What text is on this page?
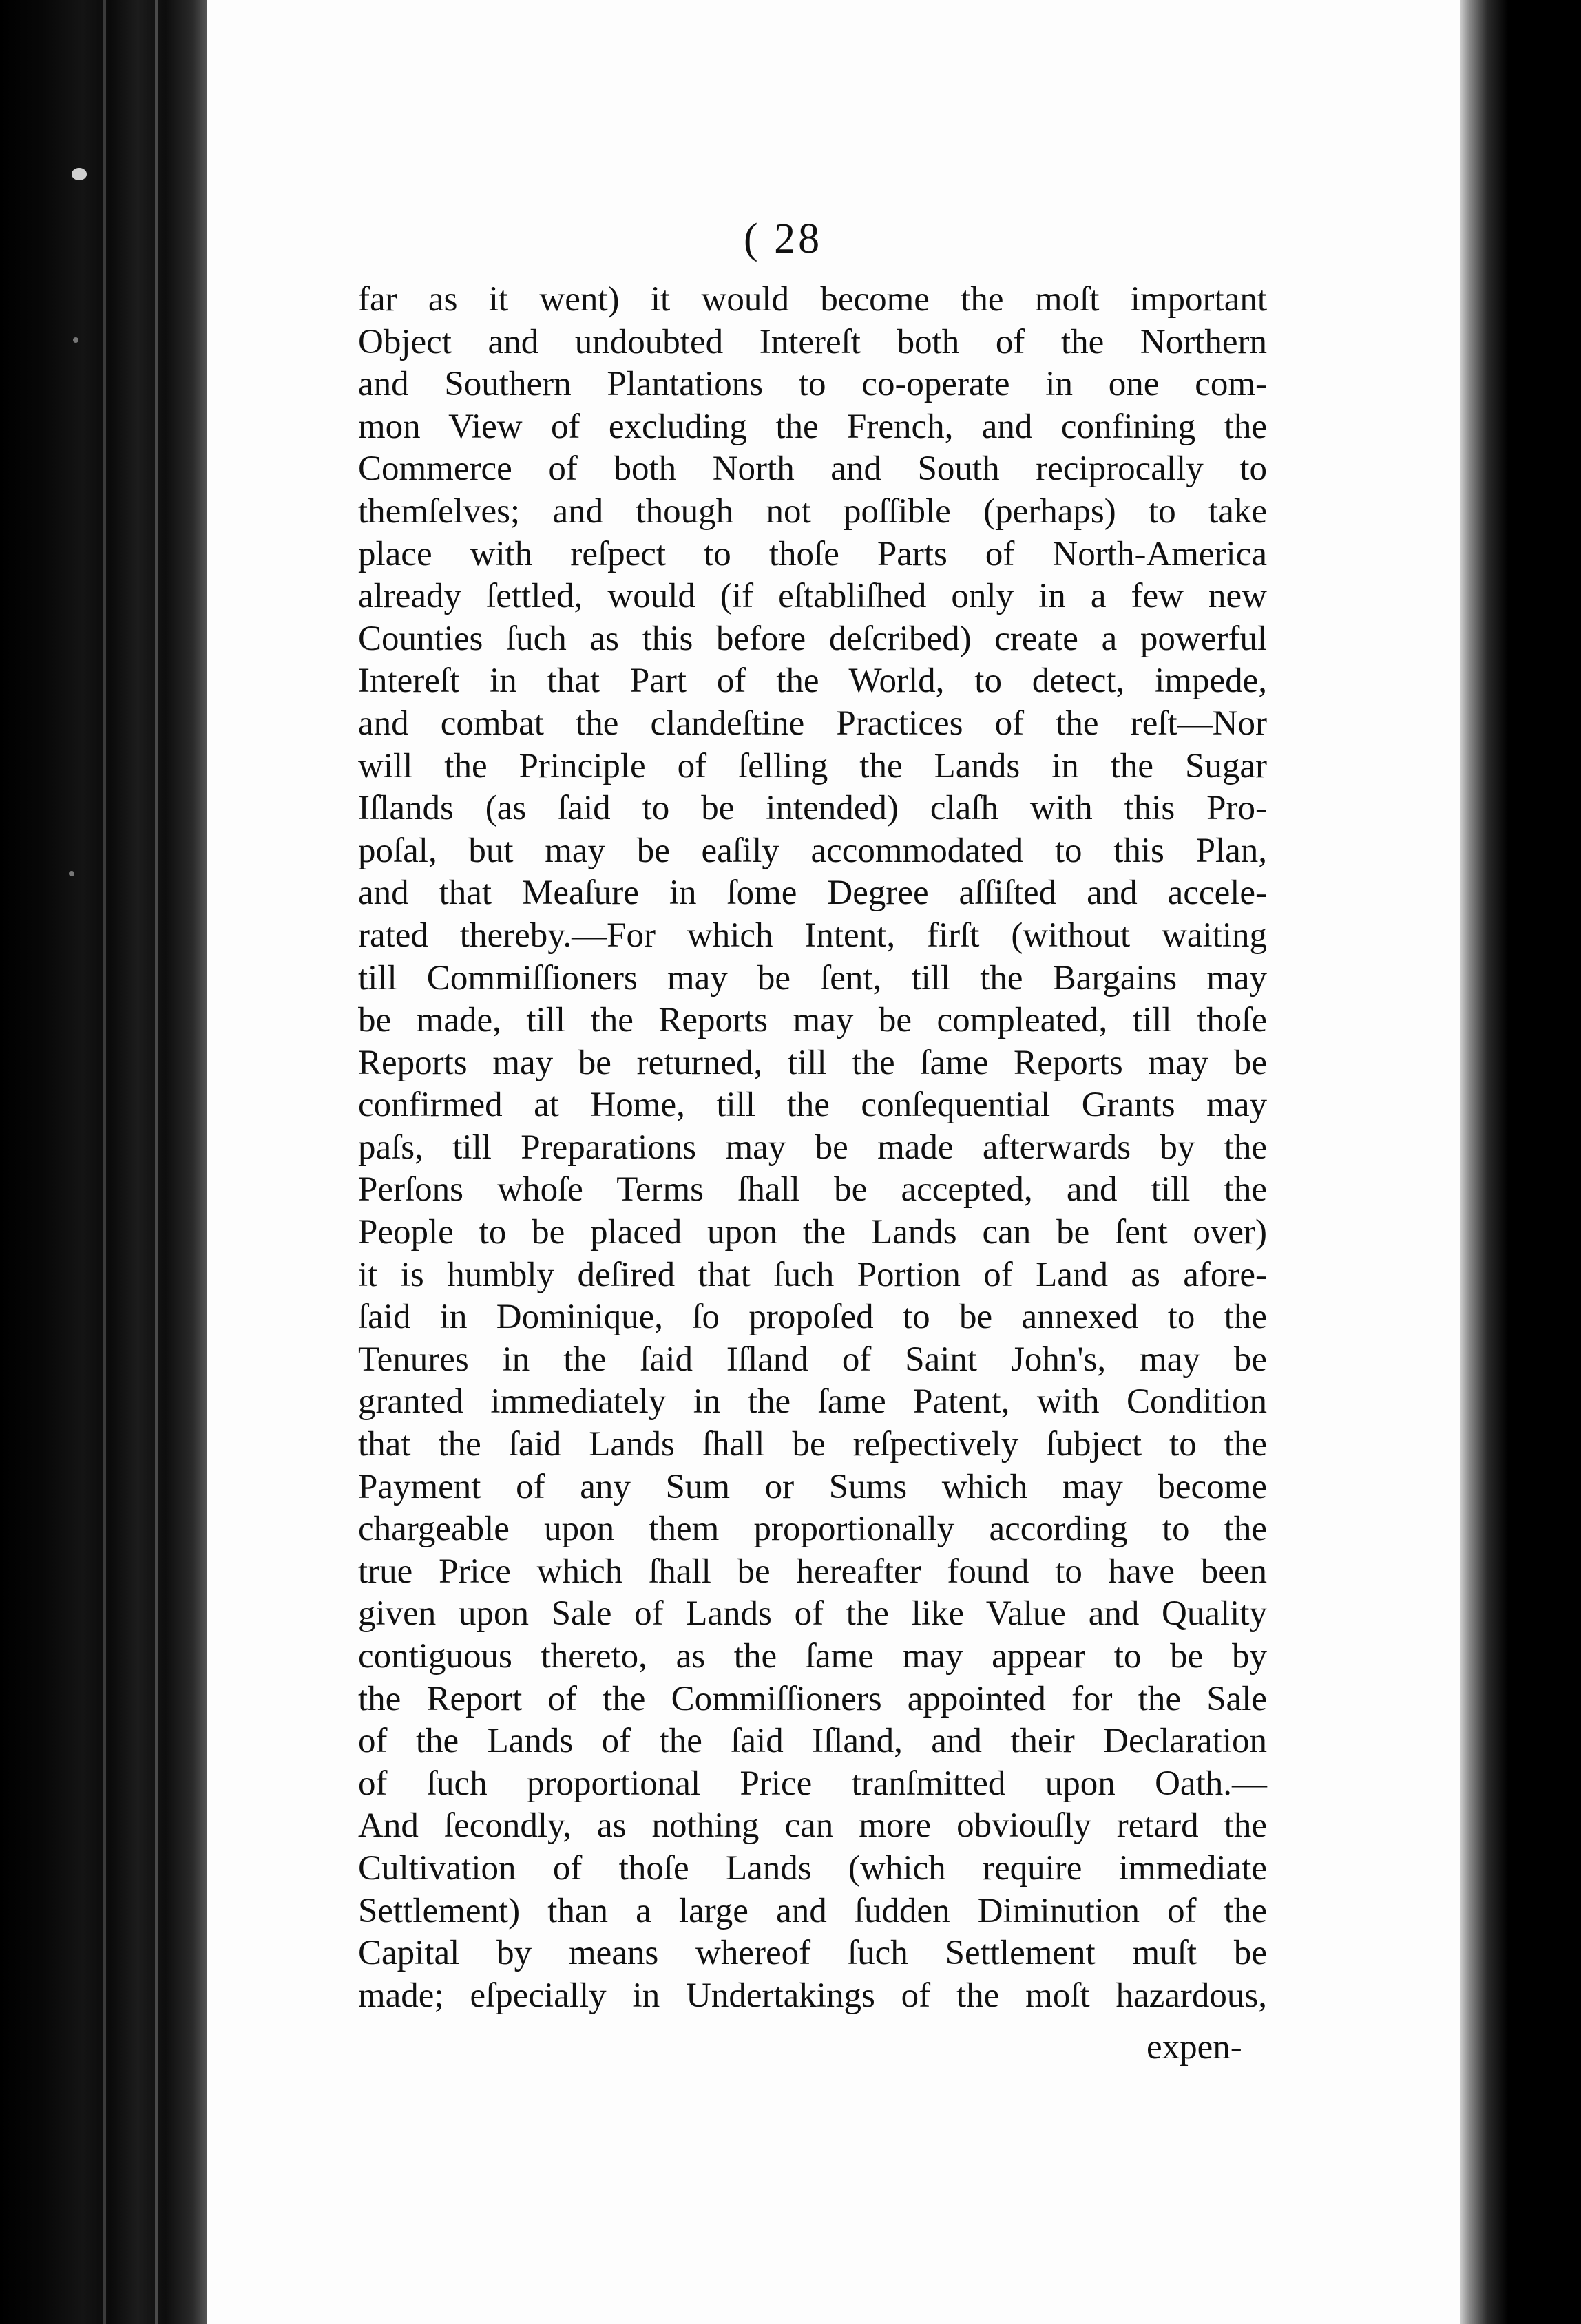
( 28
far as it went) it would become the moſt important
Object and undoubted Intereſt both of the Northern
and Southern Plantations to co-operate in one com-
mon View of excluding the French, and confining the
Commerce of both North and South reciprocally to
themſelves; and though not poſſible (perhaps) to take
place with reſpect to thoſe Parts of North-America
already ſettled, would (if eſtabliſhed only in a few new
Counties ſuch as this before deſcribed) create a powerful
Intereſt in that Part of the World, to detect, impede,
and combat the clandeſtine Practices of the reſt—Nor
will the Principle of ſelling the Lands in the Sugar
Iſlands (as ſaid to be intended) claſh with this Pro-
poſal, but may be eaſily accommodated to this Plan,
and that Meaſure in ſome Degree aſſiſted and accele-
rated thereby.—For which Intent, firſt (without waiting
till Commiſſioners may be ſent, till the Bargains may
be made, till the Reports may be compleated, till thoſe
Reports may be returned, till the ſame Reports may be
confirmed at Home, till the conſequential Grants may
paſs, till Preparations may be made afterwards by the
Perſons whoſe Terms ſhall be accepted, and till the
People to be placed upon the Lands can be ſent over)
it is humbly deſired that ſuch Portion of Land as afore-
ſaid in Dominique, ſo propoſed to be annexed to the
Tenures in the ſaid Iſland of Saint John's, may be
granted immediately in the ſame Patent, with Condition
that the ſaid Lands ſhall be reſpectively ſubject to the
Payment of any Sum or Sums which may become
chargeable upon them proportionally according to the
true Price which ſhall be hereafter found to have been
given upon Sale of Lands of the like Value and Quality
contiguous thereto, as the ſame may appear to be by
the Report of the Commiſſioners appointed for the Sale
of the Lands of the ſaid Iſland, and their Declaration
of ſuch proportional Price tranſmitted upon Oath.—
And ſecondly, as nothing can more obviouſly retard the
Cultivation of thoſe Lands (which require immediate
Settlement) than a large and ſudden Diminution of the
Capital by means whereof ſuch Settlement muſt be
made; eſpecially in Undertakings of the moſt hazardous,
expen-
